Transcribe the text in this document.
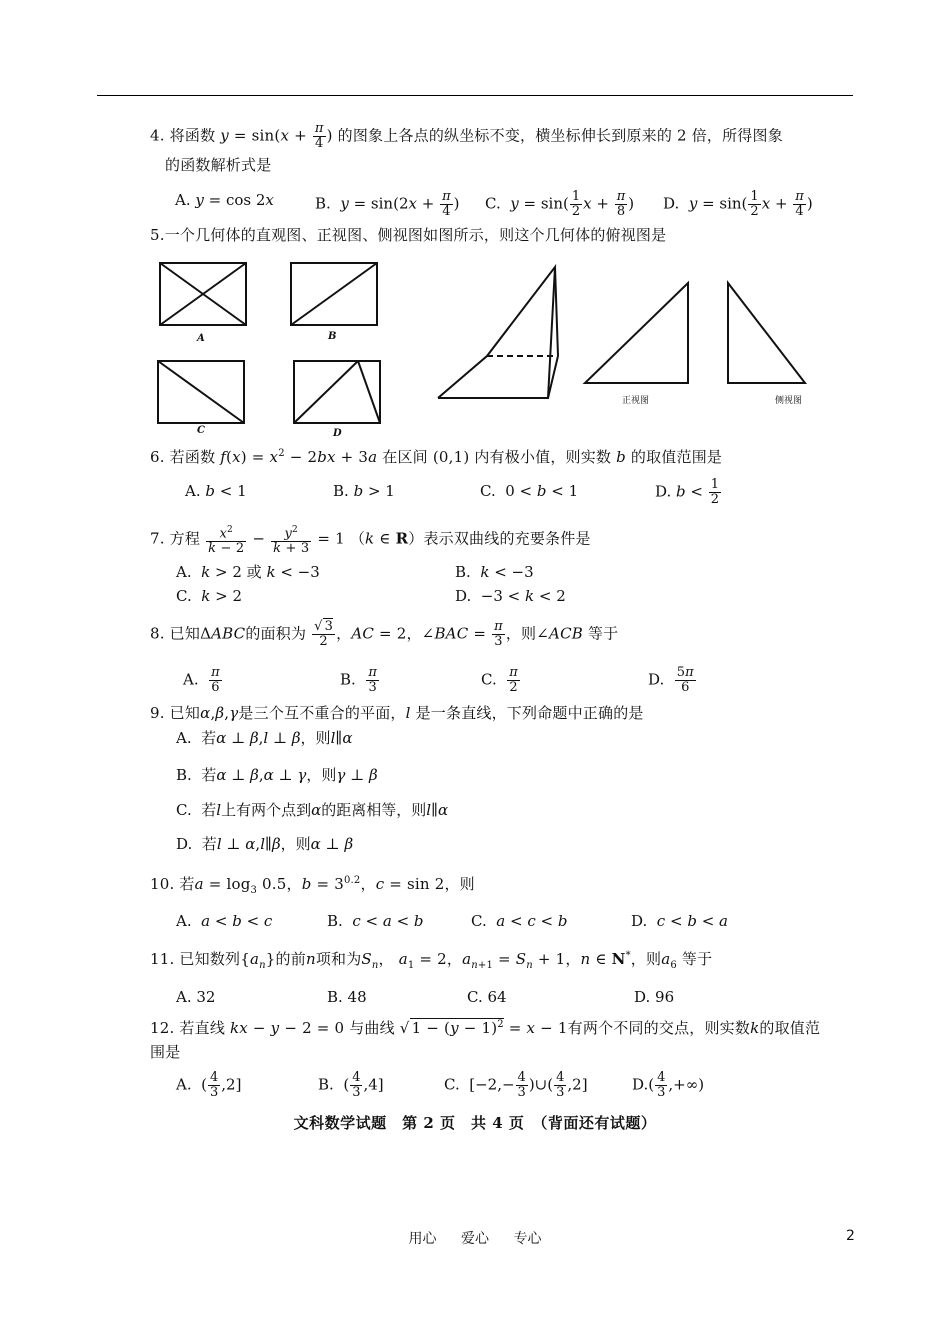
4. 将函数 $y = \sin(x + \frac{\pi}{4}$ ) 的图象上各点的纵坐标不变，横坐标伸长到原来的 2 倍，所得图象
的函数解析式是
A. y = cos 2x	B. $y = \sin(2x + \frac{\pi}{4}$ ) C. $y = \sin( \frac{1}{2}$ $x + \frac{\pi}{8}$ ) D. $y = \sin( \frac{1}{2}$ $x + \frac{\pi}{4}$ )
5.一个几何体的直观图、正视图、侧视图如图所示，则这个几何体的俯视图是
A	B
C	D
正视图	侧视图
6. 若函数 $f(x) = x^2 - 2bx + 3a$ 在区间 (0,1) 内有极小值，则实数 b 的取值范围是
A. b < 1	B. b > 1	C.  0 < b < 1	D. $b < \frac{1}{2}$
7. 方程 $\frac{x^2}{k - 2} - \frac{y^2}{k + 3} = 1$ （k ∈ R）表示双曲线的充要条件是
A.  k > 2 或 k < −3	B.  k < −3
C.  k > 2	D.  −3 < k < 2
8. 已知ΔABC的面积为 $\frac{√ 3}{2}$ ，AC = 2，∠BAC = $\frac{\pi}{3}$ ，则∠ACB 等于
A. $\frac{\pi}{6}$	B. $\frac{\pi}{3}$	C. $\frac{\pi}{2}$	D. $\frac{5\pi}{6}$
9. 已知α,β,γ是三个互不重合的平面，l 是一条直线，下列命题中正确的是
A.  若α ⊥ β,l ⊥ β，则l∥α
B.  若α ⊥ β,α ⊥ γ，则γ ⊥ β
C.  若l上有两个点到α的距离相等，则l∥α
D.  若l ⊥ α,l∥β，则α ⊥ β
10. 若$a = \log_3 0.5$，$b = 3^{0.2}$，c = sin 2，则
A.  a < b < c	B.  c < a < b	C.  a < c < b	D.  c < b < a
11. 已知数列$\{a_n\}$的前n项和为$S_n$， $a_1 = 2$，$a_{n+1} = S_n + 1$，n ∈ N*，则$a_6$ 等于
A. 32	B. 48	C. 64	D. 96
12. 若直线 kx − y − 2 = 0 与曲线 √ $1 - (y - 1)^2 = x - 1$有两个不同的交点，则实数k的取值范
围是
A.  ( $\frac{4}{3} ,2$]	B.  ( $\frac{4}{3} ,4$]	C.  [$-2,- \frac{4}{3}$ )∪( $\frac{4}{3} ,2$]	$D.( \frac{4}{3}$ ,+∞)
文科数学试题　第 2 页　共 4 页　（背面还有试题）
用心 爱心 专心	2
